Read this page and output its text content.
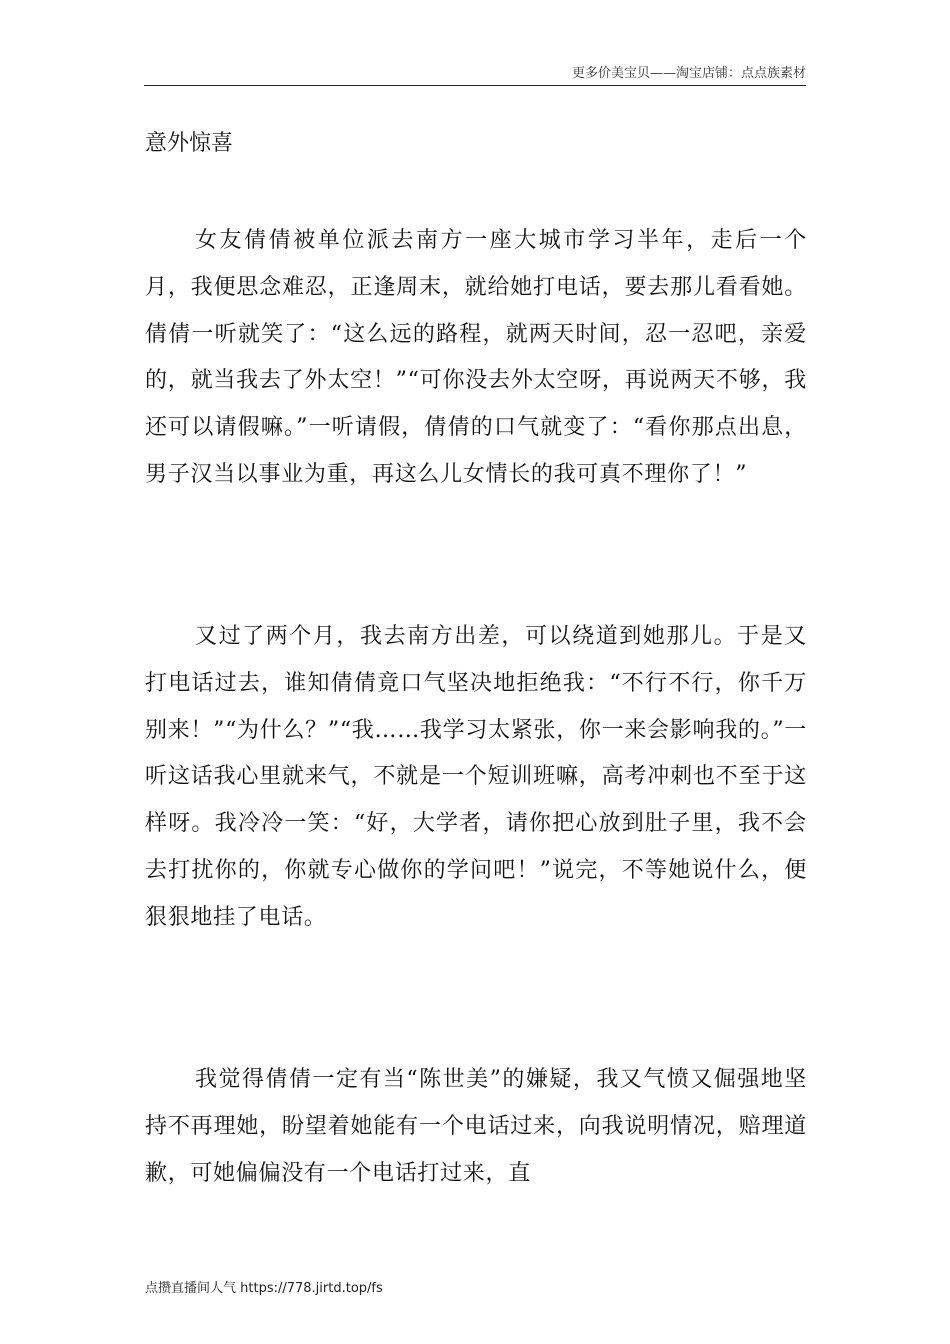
更多价美宝贝——淘宝店铺：点点族素材
意外惊喜

女友倩倩被单位派去南方一座大城市学习半年，走后一个月，我便思念难忍，正逢周末，就给她打电话，要去那儿看看她。倩倩一听就笑了：“这么远的路程，就两天时间，忍一忍吧，亲爱的，就当我去了外太空！”“可你没去外太空呀，再说两天不够，我还可以请假嘛。”一听请假，倩倩的口气就变了：“看你那点出息，男子汉当以事业为重，再这么儿女情长的我可真不理你了！”

又过了两个月，我去南方出差，可以绕道到她那儿。于是又打电话过去，谁知倩倩竟口气坚决地拒绝我：“不行不行，你千万别来！”“为什么？”“我……我学习太紧张，你一来会影响我的。”一听这话我心里就来气，不就是一个短训班嘛，高考冲刺也不至于这样呀。我冷冷一笑：“好，大学者，请你把心放到肚子里，我不会去打扰你的，你就专心做你的学问吧！”说完，不等她说什么，便狠狠地挂了电话。

我觉得倩倩一定有当“陈世美”的嫌疑，我又气愤又倔强地坚持不再理她，盼望着她能有一个电话过来，向我说明情况，赔理道歉，可她偏偏没有一个电话打过来，直

点攒直播间人气 https://778.jirtd.top/fs
